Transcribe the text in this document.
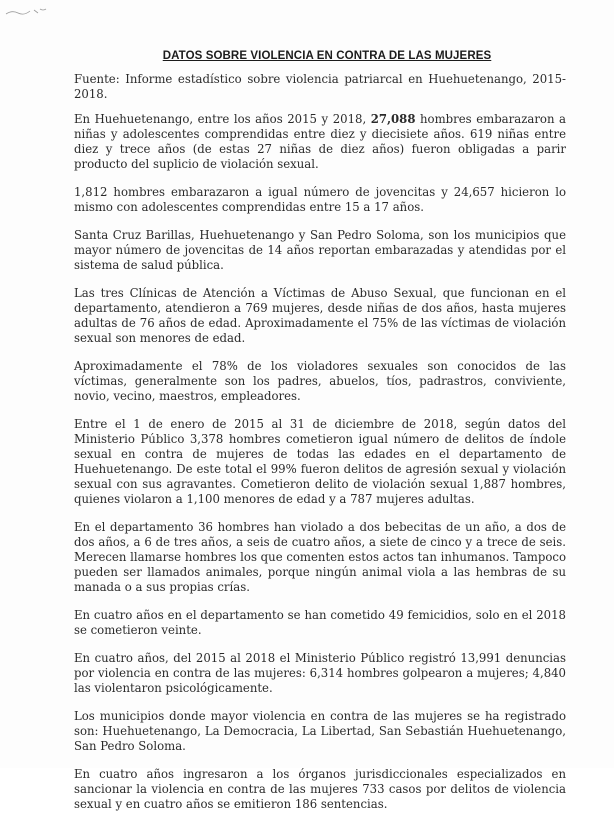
DATOS SOBRE VIOLENCIA EN CONTRA DE LAS MUJERES

Fuente: Informe estadístico sobre violencia patriarcal en Huehuetenango, 2015-2018.

En Huehuetenango, entre los años 2015 y 2018, 27,088 hombres embarazaron a niñas y adolescentes comprendidas entre diez y diecisiete años. 619 niñas entre diez y trece años (de estas 27 niñas de diez años) fueron obligadas a parir producto del suplicio de violación sexual.

1,812 hombres embarazaron a igual número de jovencitas y 24,657 hicieron lo mismo con adolescentes comprendidas entre 15 a 17 años.

Santa Cruz Barillas, Huehuetenango y San Pedro Soloma, son los municipios que mayor número de jovencitas de 14 años reportan embarazadas y atendidas por el sistema de salud pública.

Las tres Clínicas de Atención a Víctimas de Abuso Sexual, que funcionan en el departamento, atendieron a 769 mujeres, desde niñas de dos años, hasta mujeres adultas de 76 años de edad. Aproximadamente el 75% de las víctimas de violación sexual son menores de edad.

Aproximadamente el 78% de los violadores sexuales son conocidos de las víctimas, generalmente son los padres, abuelos, tíos, padrastros, conviviente, novio, vecino, maestros, empleadores.

Entre el 1 de enero de 2015 al 31 de diciembre de 2018, según datos del Ministerio Público 3,378 hombres cometieron igual número de delitos de índole sexual en contra de mujeres de todas las edades en el departamento de Huehuetenango. De este total el 99% fueron delitos de agresión sexual y violación sexual con sus agravantes. Cometieron delito de violación sexual 1,887 hombres, quienes violaron a 1,100 menores de edad y a 787 mujeres adultas.

En el departamento 36 hombres han violado a dos bebecitas de un año, a dos de dos años, a 6 de tres años, a seis de cuatro años, a siete de cinco y a trece de seis. Merecen llamarse hombres los que comenten estos actos tan inhumanos. Tampoco pueden ser llamados animales, porque ningún animal viola a las hembras de su manada o a sus propias crías.

En cuatro años en el departamento se han cometido 49 femicidios, solo en el 2018 se cometieron veinte.

En cuatro años, del 2015 al 2018 el Ministerio Público registró 13,991 denuncias por violencia en contra de las mujeres: 6,314 hombres golpearon a mujeres; 4,840 las violentaron psicológicamente.

Los municipios donde mayor violencia en contra de las mujeres se ha registrado son: Huehuetenango, La Democracia, La Libertad, San Sebastián Huehuetenango, San Pedro Soloma.

En cuatro años ingresaron a los órganos jurisdiccionales especializados en sancionar la violencia en contra de las mujeres 733 casos por delitos de violencia sexual y en cuatro años se emitieron 186 sentencias.
